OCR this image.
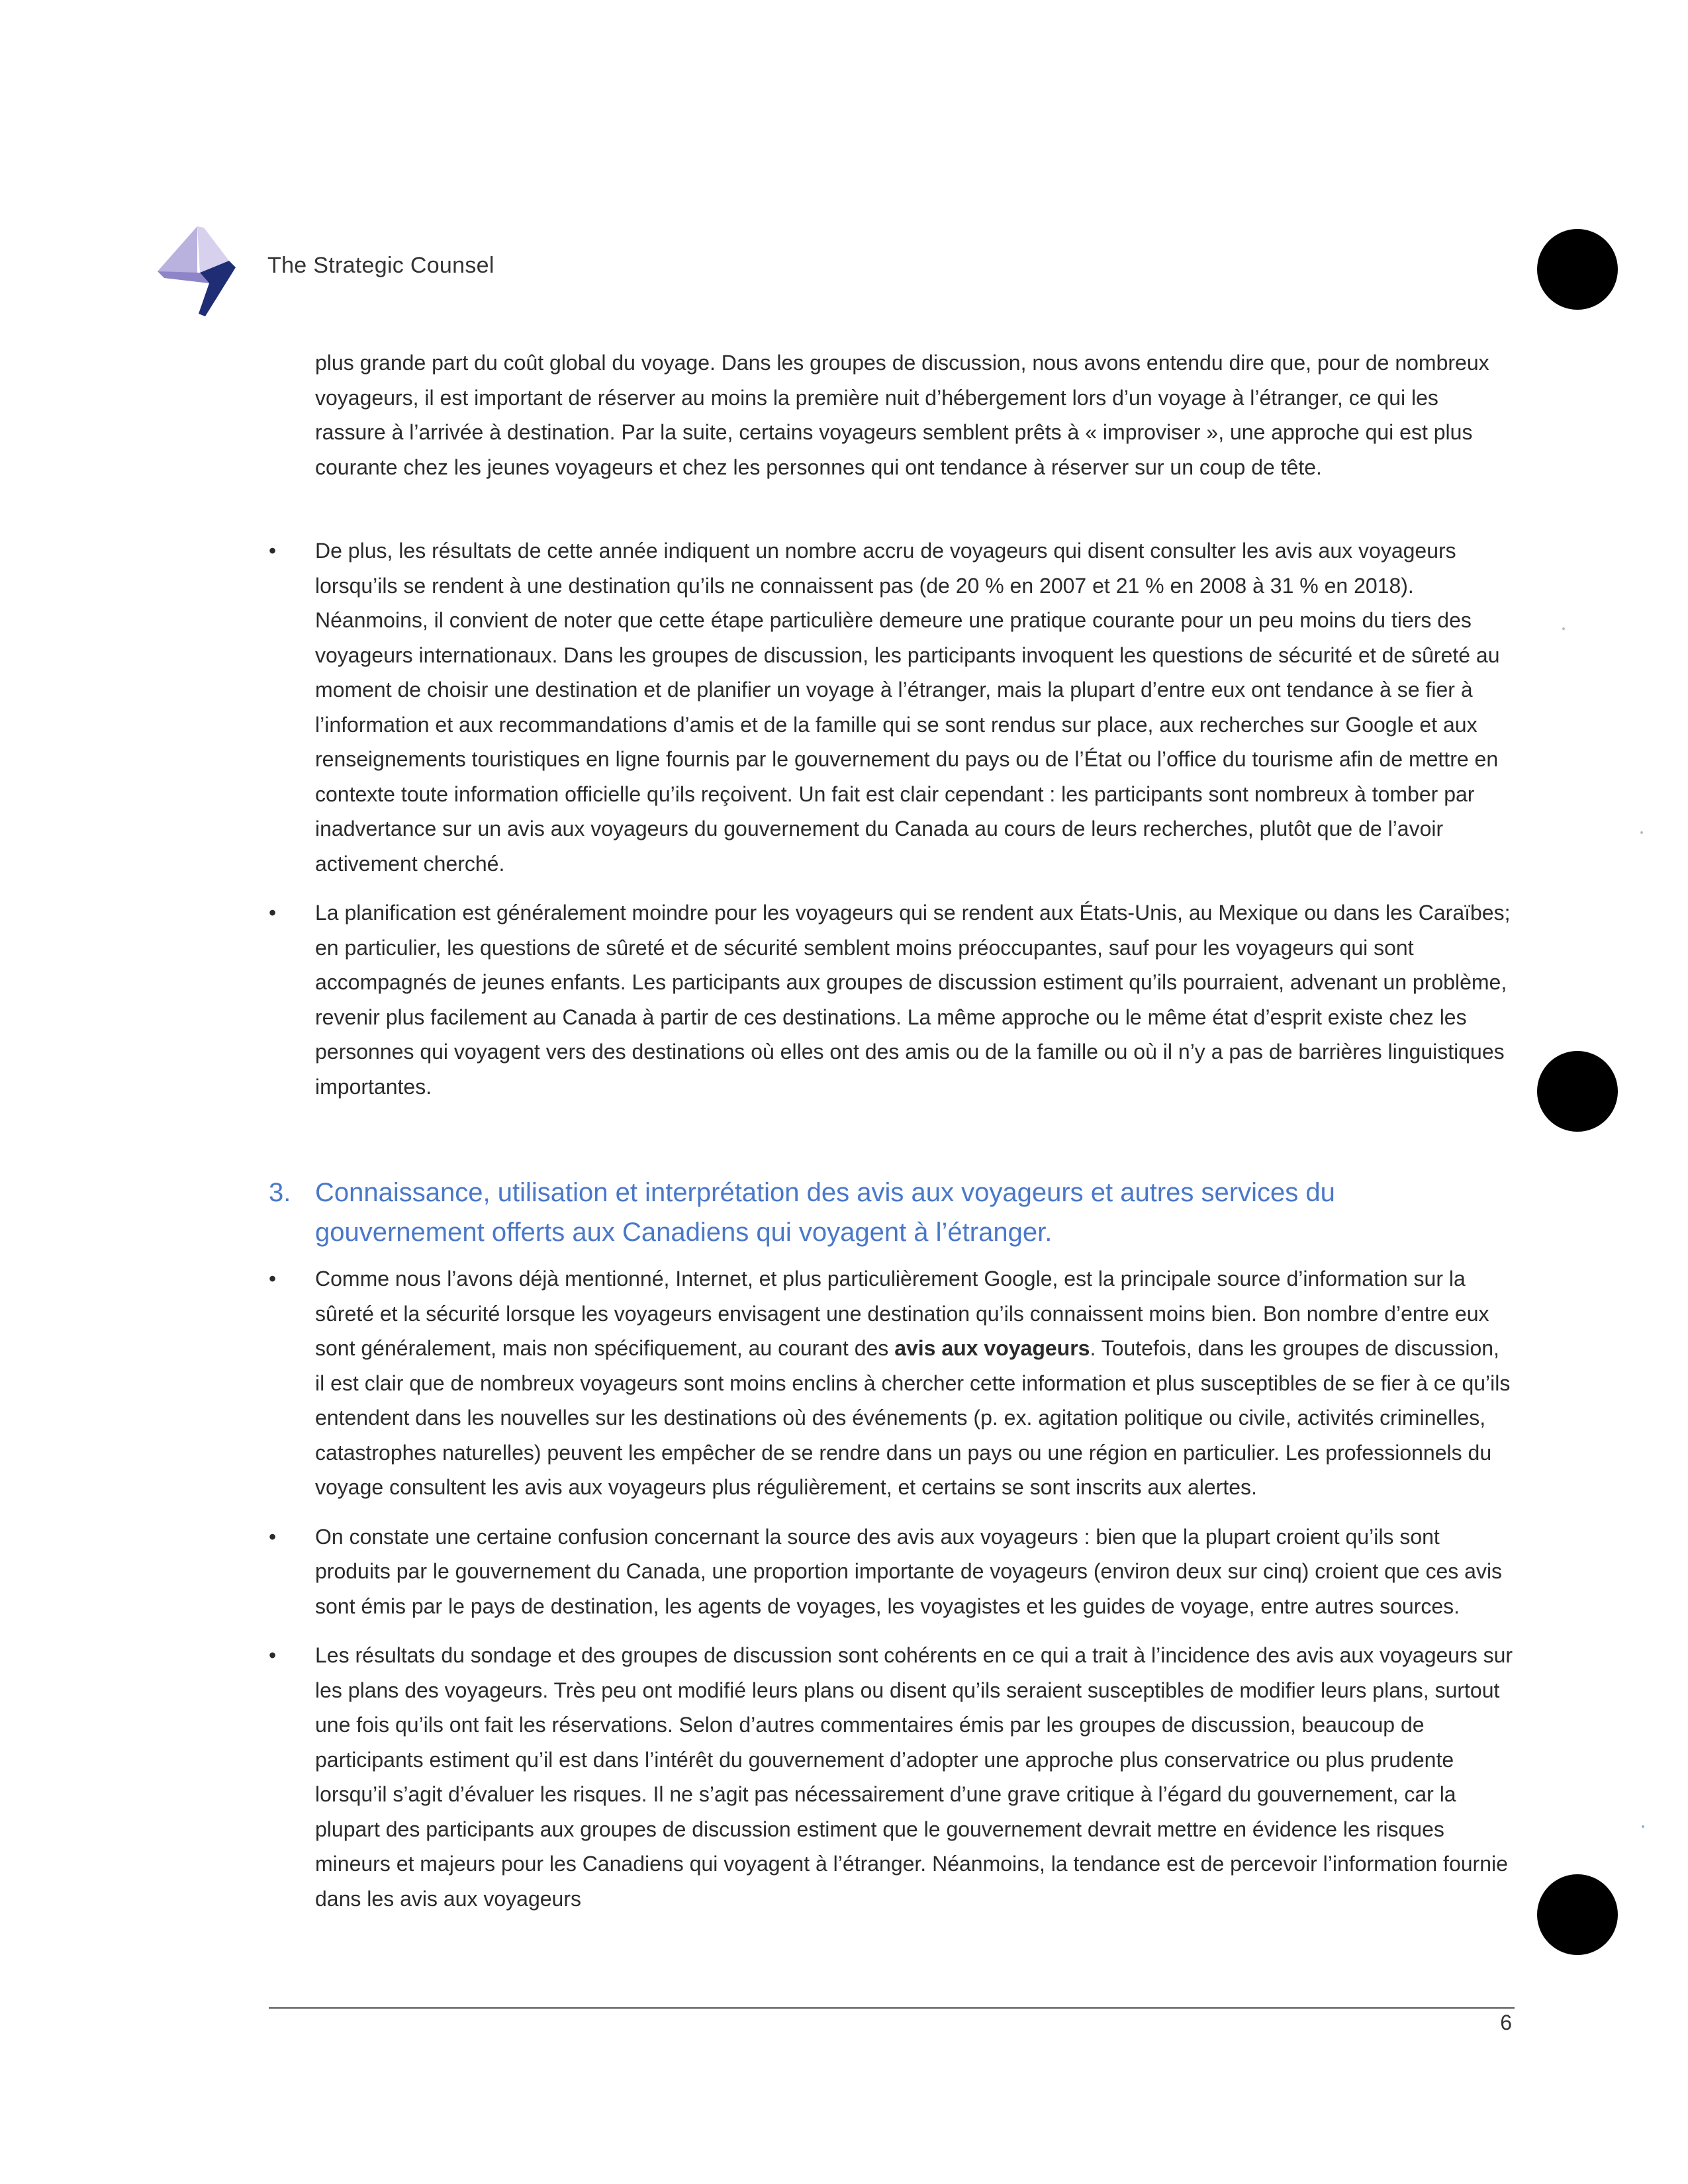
The Strategic Counsel

plus grande part du coût global du voyage. Dans les groupes de discussion, nous avons entendu dire que, pour de nombreux voyageurs, il est important de réserver au moins la première nuit d’hébergement lors d’un voyage à l’étranger, ce qui les rassure à l’arrivée à destination. Par la suite, certains voyageurs semblent prêts à « improviser », une approche qui est plus courante chez les jeunes voyageurs et chez les personnes qui ont tendance à réserver sur un coup de tête.

• De plus, les résultats de cette année indiquent un nombre accru de voyageurs qui disent consulter les avis aux voyageurs lorsqu’ils se rendent à une destination qu’ils ne connaissent pas (de 20 % en 2007 et 21 % en 2008 à 31 % en 2018). Néanmoins, il convient de noter que cette étape particulière demeure une pratique courante pour un peu moins du tiers des voyageurs internationaux. Dans les groupes de discussion, les participants invoquent les questions de sécurité et de sûreté au moment de choisir une destination et de planifier un voyage à l’étranger, mais la plupart d’entre eux ont tendance à se fier à l’information et aux recommandations d’amis et de la famille qui se sont rendus sur place, aux recherches sur Google et aux renseignements touristiques en ligne fournis par le gouvernement du pays ou de l’État ou l’office du tourisme afin de mettre en contexte toute information officielle qu’ils reçoivent. Un fait est clair cependant : les participants sont nombreux à tomber par inadvertance sur un avis aux voyageurs du gouvernement du Canada au cours de leurs recherches, plutôt que de l’avoir activement cherché.
• La planification est généralement moindre pour les voyageurs qui se rendent aux États-Unis, au Mexique ou dans les Caraïbes; en particulier, les questions de sûreté et de sécurité semblent moins préoccupantes, sauf pour les voyageurs qui sont accompagnés de jeunes enfants. Les participants aux groupes de discussion estiment qu’ils pourraient, advenant un problème, revenir plus facilement au Canada à partir de ces destinations. La même approche ou le même état d’esprit existe chez les personnes qui voyagent vers des destinations où elles ont des amis ou de la famille ou où il n’y a pas de barrières linguistiques importantes.
3. Connaissance, utilisation et interprétation des avis aux voyageurs et autres services du gouvernement offerts aux Canadiens qui voyagent à l’étranger.
• Comme nous l’avons déjà mentionné, Internet, et plus particulièrement Google, est la principale source d’information sur la sûreté et la sécurité lorsque les voyageurs envisagent une destination qu’ils connaissent moins bien. Bon nombre d’entre eux sont généralement, mais non spécifiquement, au courant des avis aux voyageurs. Toutefois, dans les groupes de discussion, il est clair que de nombreux voyageurs sont moins enclins à chercher cette information et plus susceptibles de se fier à ce qu’ils entendent dans les nouvelles sur les destinations où des événements (p. ex. agitation politique ou civile, activités criminelles, catastrophes naturelles) peuvent les empêcher de se rendre dans un pays ou une région en particulier. Les professionnels du voyage consultent les avis aux voyageurs plus régulièrement, et certains se sont inscrits aux alertes.
• On constate une certaine confusion concernant la source des avis aux voyageurs : bien que la plupart croient qu’ils sont produits par le gouvernement du Canada, une proportion importante de voyageurs (environ deux sur cinq) croient que ces avis sont émis par le pays de destination, les agents de voyages, les voyagistes et les guides de voyage, entre autres sources.
• Les résultats du sondage et des groupes de discussion sont cohérents en ce qui a trait à l’incidence des avis aux voyageurs sur les plans des voyageurs. Très peu ont modifié leurs plans ou disent qu’ils seraient susceptibles de modifier leurs plans, surtout une fois qu’ils ont fait les réservations. Selon d’autres commentaires émis par les groupes de discussion, beaucoup de participants estiment qu’il est dans l’intérêt du gouvernement d’adopter une approche plus conservatrice ou plus prudente lorsqu’il s’agit d’évaluer les risques. Il ne s’agit pas nécessairement d’une grave critique à l’égard du gouvernement, car la plupart des participants aux groupes de discussion estiment que le gouvernement devrait mettre en évidence les risques mineurs et majeurs pour les Canadiens qui voyagent à l’étranger. Néanmoins, la tendance est de percevoir l’information fournie dans les avis aux voyageurs
6
